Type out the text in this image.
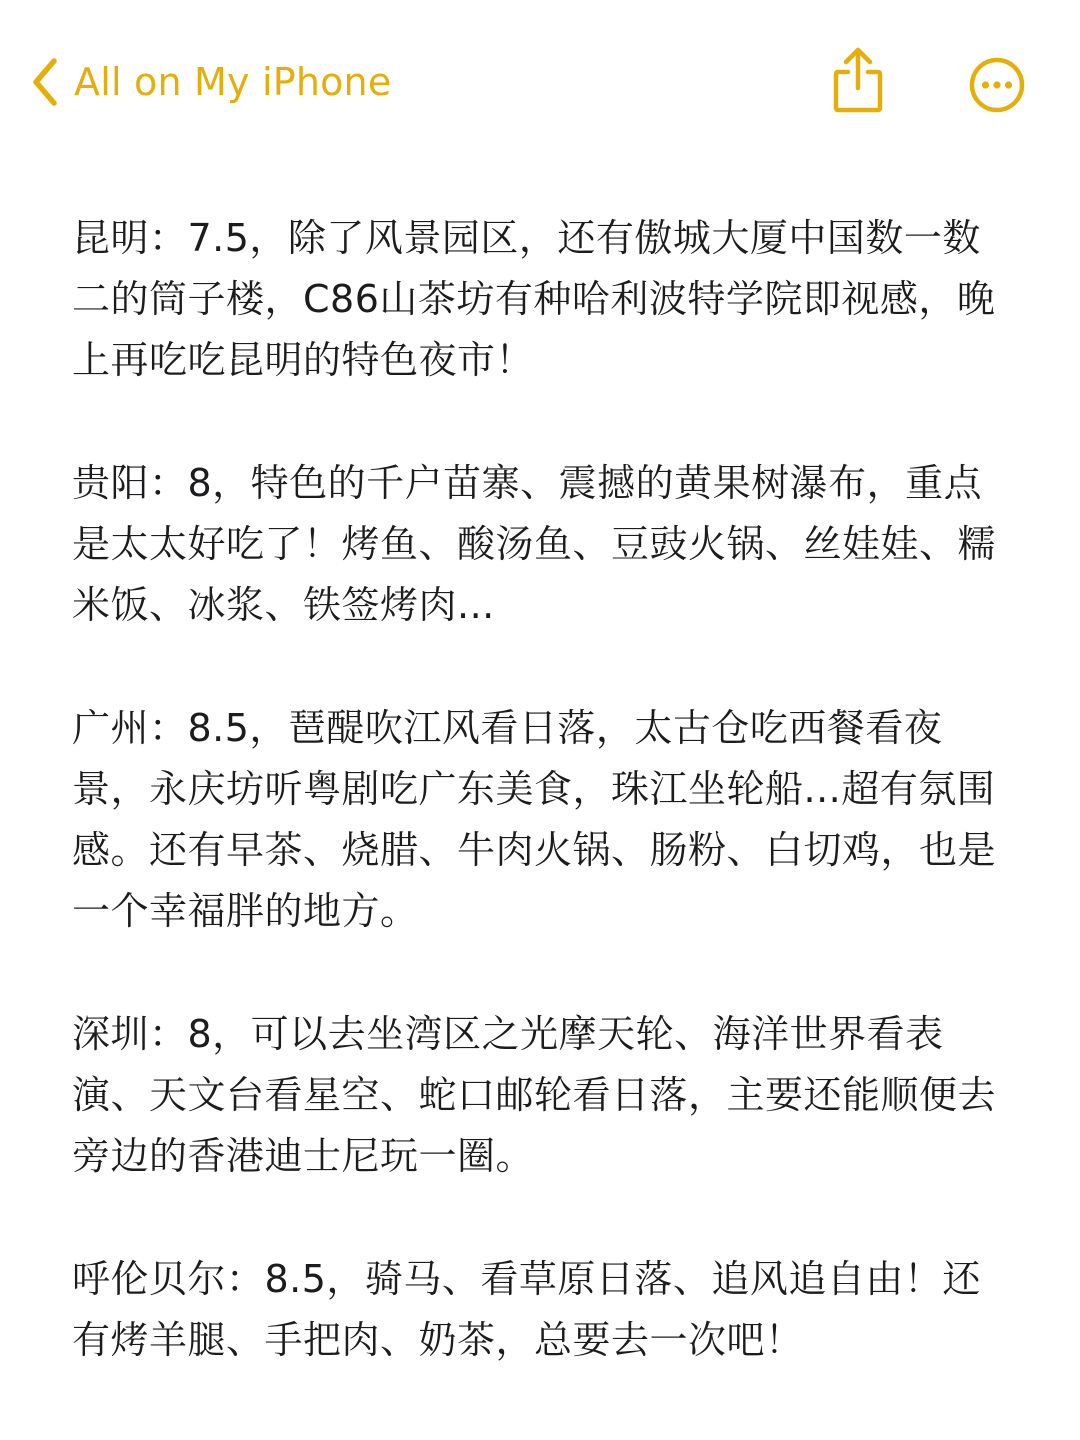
All on My iPhone

昆明：7.5，除了风景园区，还有傲城大厦中国数一数二的筒子楼，C86山茶坊有种哈利波特学院即视感，晚上再吃吃昆明的特色夜市！

贵阳：8，特色的千户苗寨、震撼的黄果树瀑布，重点是太太好吃了！烤鱼、酸汤鱼、豆豉火锅、丝娃娃、糯米饭、冰浆、铁签烤肉...

广州：8.5，琶醍吹江风看日落，太古仓吃西餐看夜景，永庆坊听粤剧吃广东美食，珠江坐轮船...超有氛围感。还有早茶、烧腊、牛肉火锅、肠粉、白切鸡，也是一个幸福胖的地方。

深圳：8，可以去坐湾区之光摩天轮、海洋世界看表演、天文台看星空、蛇口邮轮看日落，主要还能顺便去旁边的香港迪士尼玩一圈。

呼伦贝尔：8.5，骑马、看草原日落、追风追自由！还有烤羊腿、手把肉、奶茶，总要去一次吧！
